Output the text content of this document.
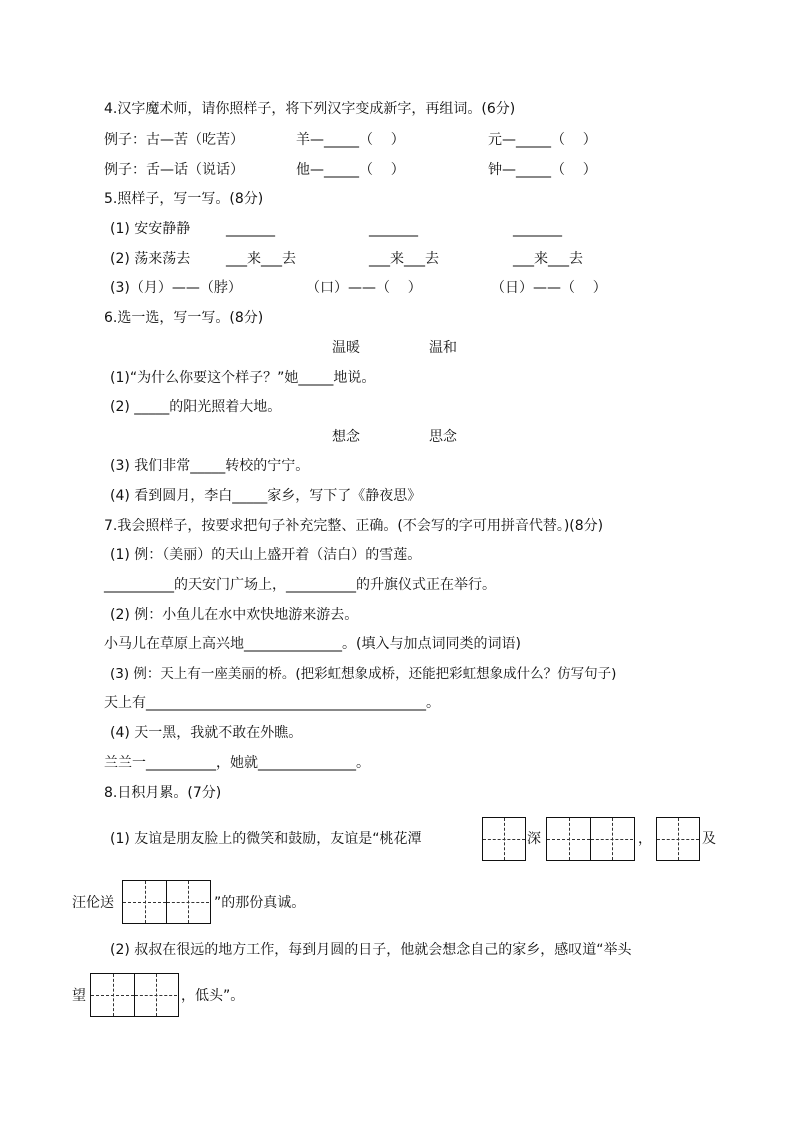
4.汉字魔术师，请你照样子，将下列汉字变成新字，再组词。(6分)
例子：古—苦（吃苦）	羊—_____（    ）	元—_____（    ）
例子：舌—话（说话）	他—_____（    ）	钟—_____（    ）
5.照样子，写一写。(8分)
(1) 安安静静	_______	_______	_______
(2) 荡来荡去	___来___去	___来___去	___来___去
(3)（月）——（脖）	（口）——（    ）	（日）——（    ）
6.选一选，写一写。(8分)
温暖	温和
(1)“为什么你要这个样子？”她_____地说。
(2) _____的阳光照着大地。
想念	思念
(3) 我们非常_____转校的宁宁。
(4) 看到圆月，李白_____家乡，写下了《静夜思》
7.我会照样子，按要求把句子补充完整、正确。(不会写的字可用拼音代替。)(8分)
(1) 例：（美丽）的天山上盛开着（洁白）的雪莲。
__________的天安门广场上，__________的升旗仪式正在举行。
(2) 例：小鱼儿在水中欢快地游来游去。
小马儿在草原上高兴地______________。(填入与加点词同类的词语)
(3) 例：天上有一座美丽的桥。(把彩虹想象成桥，还能把彩虹想象成什么？仿写句子)
天上有________________________________________。
(4) 天一黑，我就不敢在外瞧。
兰兰一__________，她就______________。
8.日积月累。(7分)
(1) 友谊是朋友脸上的微笑和鼓励，友谊是“桃花潭	深	，	及
汪伦送	”的那份真诚。
(2) 叔叔在很远的地方工作，每到月圆的日子，他就会想念自己的家乡，感叹道“举头
望	，低头”。
